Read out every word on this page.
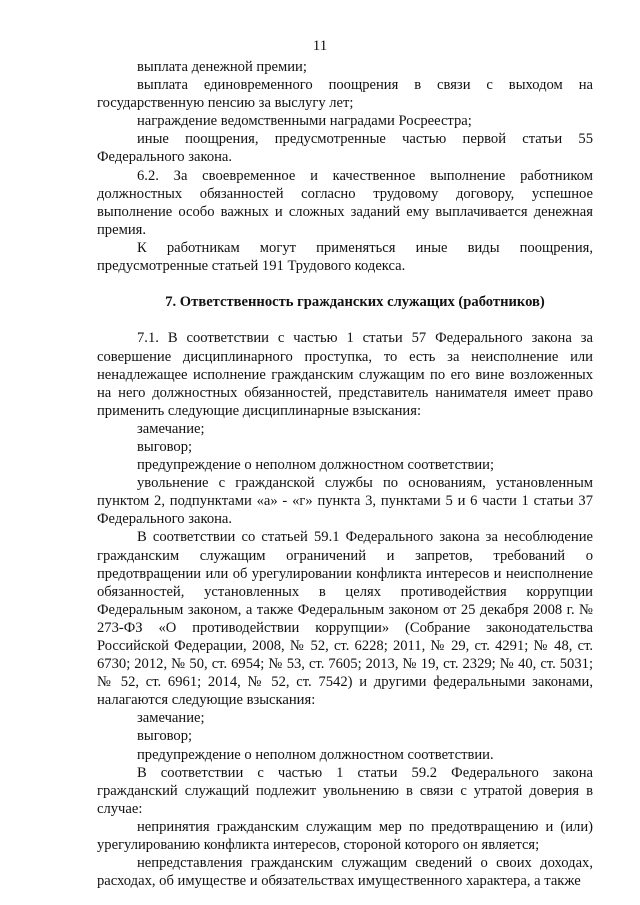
11

выплата денежной премии;

выплата единовременного поощрения в связи с выходом на государственную пенсию за выслугу лет;

награждение ведомственными наградами Росреестра;

иные поощрения, предусмотренные частью первой статьи 55 Федерального закона.

6.2. За своевременное и качественное выполнение работником должностных обязанностей согласно трудовому договору, успешное выполнение особо важных и сложных заданий ему выплачивается денежная премия.

К работникам могут применяться иные виды поощрения, предусмотренные статьей 191 Трудового кодекса.

7. Ответственность гражданских служащих (работников)

7.1. В соответствии с частью 1 статьи 57 Федерального закона за совершение дисциплинарного проступка, то есть за неисполнение или ненадлежащее исполнение гражданским служащим по его вине возложенных на него должностных обязанностей, представитель нанимателя имеет право применить следующие дисциплинарные взыскания:

замечание;

выговор;

предупреждение о неполном должностном соответствии;

увольнение с гражданской службы по основаниям, установленным пунктом 2, подпунктами «а» - «г» пункта 3, пунктами 5 и 6 части 1 статьи 37 Федерального закона.

В соответствии со статьей 59.1 Федерального закона за несоблюдение гражданским служащим ограничений и запретов, требований о предотвращении или об урегулировании конфликта интересов и неисполнение обязанностей, установленных в целях противодействия коррупции Федеральным законом, а также Федеральным законом от 25 декабря 2008 г. № 273-ФЗ «О противодействии коррупции» (Собрание законодательства Российской Федерации, 2008, № 52, ст. 6228; 2011, № 29, ст. 4291; № 48, ст. 6730; 2012, № 50, ст. 6954; № 53, ст. 7605; 2013, № 19, ст. 2329; № 40, ст. 5031; № 52, ст. 6961; 2014, № 52, ст. 7542) и другими федеральными законами, налагаются следующие взыскания:

замечание;

выговор;

предупреждение о неполном должностном соответствии.

В соответствии с частью 1 статьи 59.2 Федерального закона гражданский служащий подлежит увольнению в связи с утратой доверия в случае:

непринятия гражданским служащим мер по предотвращению и (или) урегулированию конфликта интересов, стороной которого он является;

непредставления гражданским служащим сведений о своих доходах, расходах, об имуществе и обязательствах имущественного характера, а также
